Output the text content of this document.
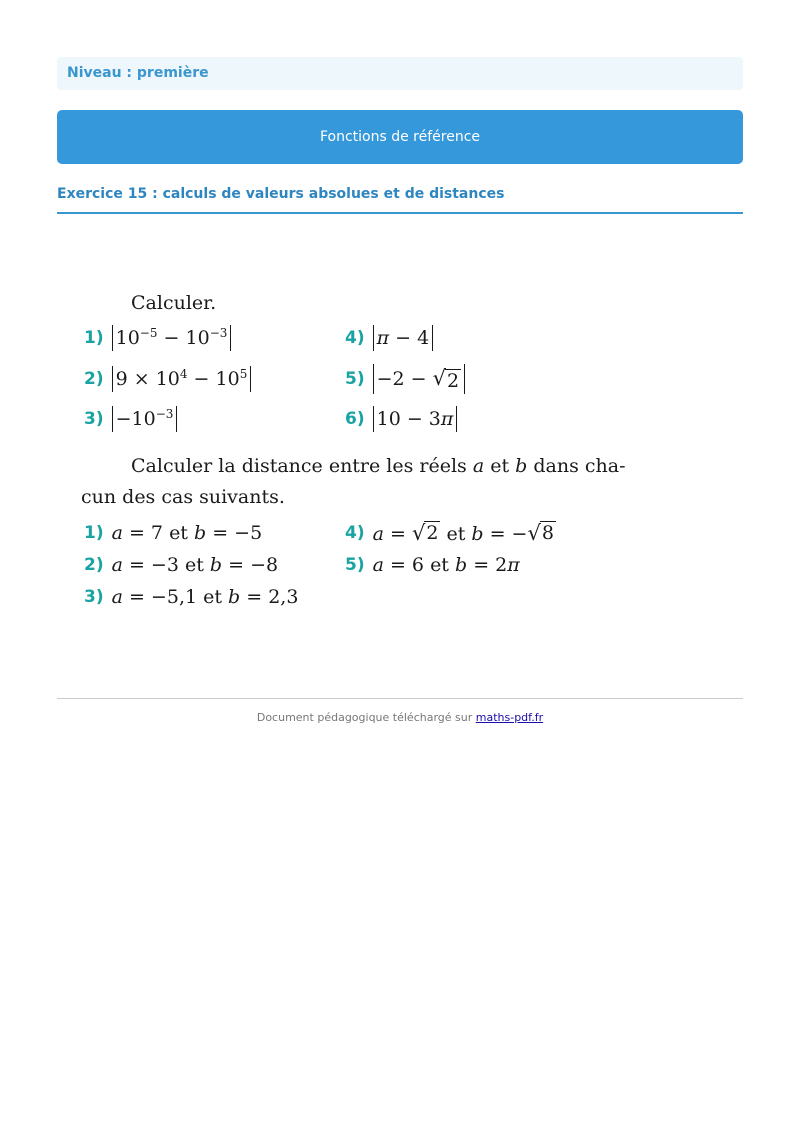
Niveau : première
Fonctions de référence
Exercice 15 : calculs de valeurs absolues et de distances
Calculer.
1) $10^{-5} - 10^{-3}$
2) $9 \times 10^4 - 10^5$
$3) -10^{-3}$
4) π − 4
5) −2 − √ 2
6) 10 − 3π
Calculer la distance entre les réels a et b dans cha-
cun des cas suivants.
1) a = 7 et b = −5
2) a = −3 et b = −8
3) a = −5,1 et b = 2,3
4) a = √ 2 et b = − √ 8
5) a = 6 et b = 2π
Document pédagogique téléchargé sur maths-pdf.fr
